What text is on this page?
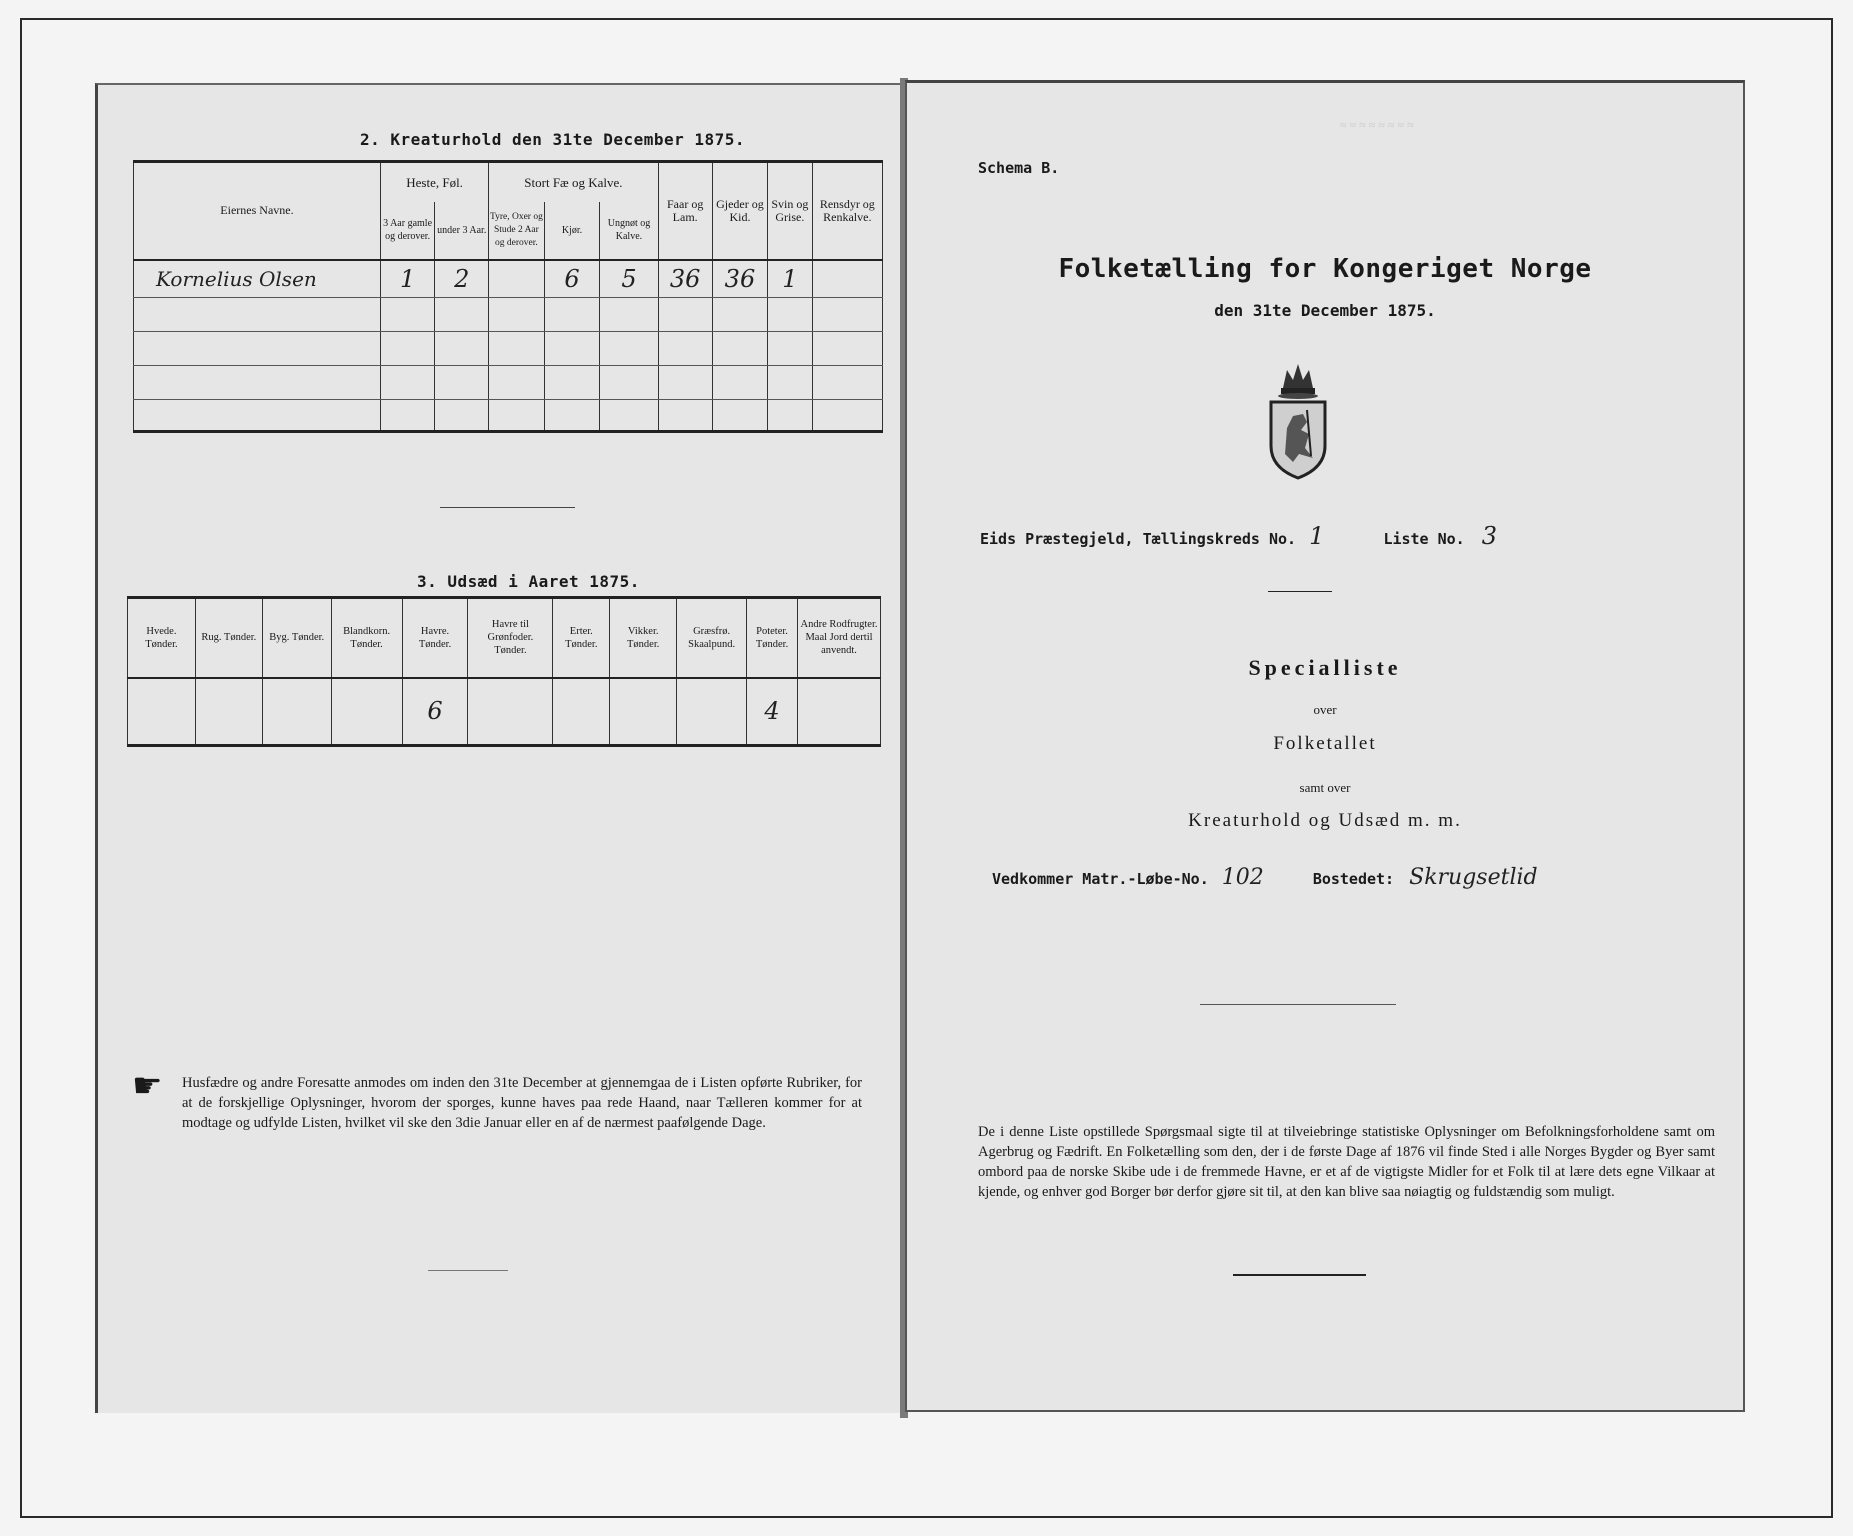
2. Kreaturhold den 31te December 1875.
Eiernes Navne.	Heste, Føl.		Stort Fæ og Kalve.			Faar og Lam.	Gjeder og Kid.	Svin og Grise.	Rensdyr og Renkalve.
	3 Aar gamle og derover.	under 3 Aar.	Tyre, Oxer og Stude 2 Aar og derover.	Kjør.	Ungnøt og Kalve.				
Kornelius Olsen	1	2		6	5	36	36	1	

3. Udsæd i Aaret 1875.
Hvede. Tønder.	Rug. Tønder.	Byg. Tønder.	Blandkorn. Tønder.	Havre. Tønder.	Havre til Grønfoder. Tønder.	Erter. Tønder.	Vikker. Tønder.	Græsfrø. Skaalpund.	Poteter. Tønder.	Andre Rodfrugter. Maal Jord dertil anvendt.
				6					4	
☛ Husfædre og andre Foresatte anmodes om inden den 31te December at gjennemgaa de i Listen opførte Rubriker, for at de forskjellige Oplysninger, hvorom der sporges, kunne haves paa rede Haand, naar Tælleren kommer for at modtage og udfylde Listen, hvilket vil ske den 3die Januar eller en af de nærmest paafølgende Dage.
≈ ≈ ≈ ≈ ≈ ≈ ≈ ≈
Schema B.
Folketælling for Kongeriget Norge
den 31te December 1875.
Eids Præstegjeld, Tællingskreds No. 1	Liste No. 3
Specialliste
over
Folketallet
samt over
Kreaturhold og Udsæd m. m.
Vedkommer Matr.-Løbe-No. 102	Bostedet: Skrugsetlid
De i denne Liste opstillede Spørgsmaal sigte til at tilveiebringe statistiske Oplysninger om Befolkningsforholdene samt om Agerbrug og Fædrift. En Folketælling som den, der i de første Dage af 1876 vil finde Sted i alle Norges Bygder og Byer samt ombord paa de norske Skibe ude i de fremmede Havne, er et af de vigtigste Midler for et Folk til at lære dets egne Vilkaar at kjende, og enhver god Borger bør derfor gjøre sit til, at den kan blive saa nøiagtig og fuldstændig som muligt.
